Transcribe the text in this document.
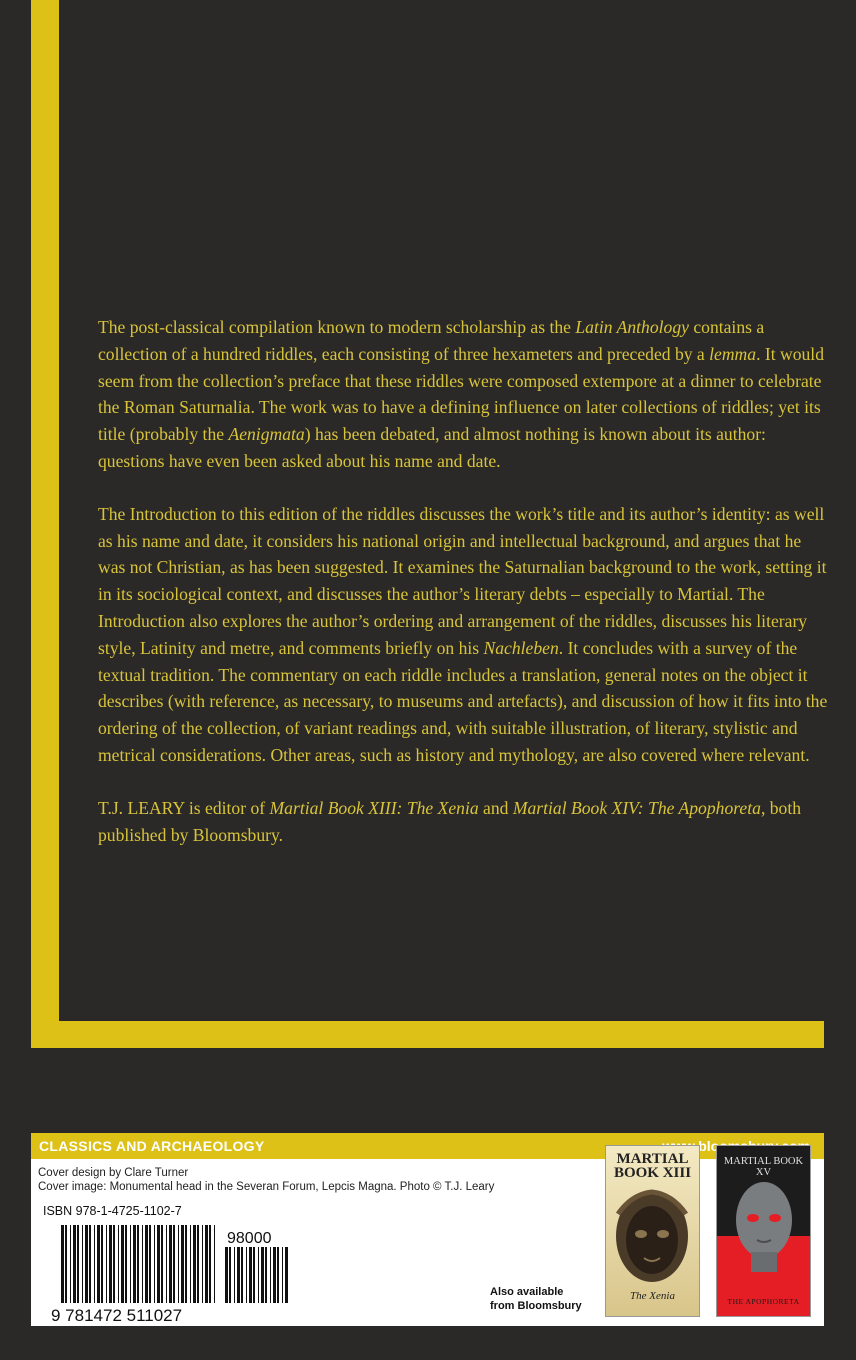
The post-classical compilation known to modern scholarship as the Latin Anthology contains a collection of a hundred riddles, each consisting of three hexameters and preceded by a lemma. It would seem from the collection’s preface that these riddles were composed extempore at a dinner to celebrate the Roman Saturnalia. The work was to have a defining influence on later collections of riddles; yet its title (probably the Aenigmata) has been debated, and almost nothing is known about its author: questions have even been asked about his name and date.

The Introduction to this edition of the riddles discusses the work’s title and its author’s identity: as well as his name and date, it considers his national origin and intellectual background, and argues that he was not Christian, as has been suggested. It examines the Saturnalian background to the work, setting it in its sociological context, and discusses the author’s literary debts – especially to Martial. The Introduction also explores the author’s ordering and arrangement of the riddles, discusses his literary style, Latinity and metre, and comments briefly on his Nachleben. It concludes with a survey of the textual tradition. The commentary on each riddle includes a translation, general notes on the object it describes (with reference, as necessary, to museums and artefacts), and discussion of how it fits into the ordering of the collection, of variant readings and, with suitable illustration, of literary, stylistic and metrical considerations. Other areas, such as history and mythology, are also covered where relevant.

T.J. LEARY is editor of Martial Book XIII: The Xenia and Martial Book XIV: The Apophoreta, both published by Bloomsbury.

CLASSICS AND ARCHAEOLOGY
Cover design by Clare Turner
Cover image: Monumental head in the Severan Forum, Lepcis Magna. Photo © T.J. Leary
ISBN 978-1-4725-1102-7
98000
9 781472 511027
Also available
from Bloomsbury
MARTIAL
BOOK XIII
The Xenia
MARTIAL BOOK XV
THE APOPHORETA
